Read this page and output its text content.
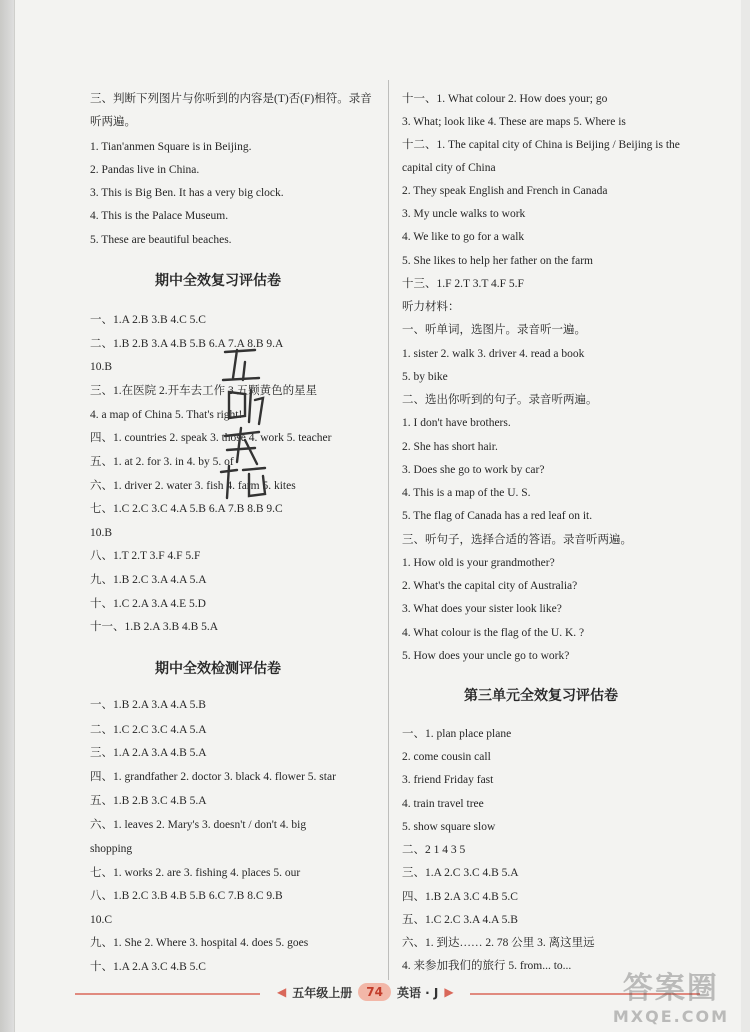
三、判断下列图片与你听到的内容是(T)否(F)相符。录音
听两遍。
1. Tian'anmen Square is in Beijing.
2. Pandas live in China.
3. This is Big Ben. It has a very big clock.
4. This is the Palace Museum.
5. These are beautiful beaches.
期中全效复习评估卷
一、1.A 2.B 3.B 4.C 5.C
二、1.B 2.B 3.A 4.B 5.B 6.A 7.A 8.B 9.A
10.B
三、1.在医院 2.开车去工作 3.五颗黄色的星星
4. a map of China 5. That's right!
四、1. countries 2. speak 3. those 4. work 5. teacher
五、1. at 2. for 3. in 4. by 5. of
六、1. driver 2. water 3. fish 4. farm 5. kites
七、1.C 2.C 3.C 4.A 5.B 6.A 7.B 8.B 9.C
10.B
八、1.T 2.T 3.F 4.F 5.F
九、1.B 2.C 3.A 4.A 5.A
十、1.C 2.A 3.A 4.E 5.D
十一、1.B 2.A 3.B 4.B 5.A
期中全效检测评估卷
一、1.B 2.A 3.A 4.A 5.B
二、1.C 2.C 3.C 4.A 5.A
三、1.A 2.A 3.A 4.B 5.A
四、1. grandfather 2. doctor 3. black 4. flower 5. star
五、1.B 2.B 3.C 4.B 5.A
六、1. leaves 2. Mary's 3. doesn't / don't 4. big
shopping
七、1. works 2. are 3. fishing 4. places 5. our
八、1.B 2.C 3.B 4.B 5.B 6.C 7.B 8.C 9.B
10.C
九、1. She 2. Where 3. hospital 4. does 5. goes
十、1.A 2.A 3.C 4.B 5.C
十一、1. What colour 2. How does your; go
3. What; look like 4. These are maps 5. Where is
十二、1. The capital city of China is Beijing / Beijing is the
capital city of China
2. They speak English and French in Canada
3. My uncle walks to work
4. We like to go for a walk
5. She likes to help her father on the farm
十三、1.F 2.T 3.T 4.F 5.F
听力材料：
一、听单词，选图片。录音听一遍。
1. sister 2. walk 3. driver 4. read a book
5. by bike
二、选出你听到的句子。录音听两遍。
1. I don't have brothers.
2. She has short hair.
3. Does she go to work by car?
4. This is a map of the U. S.
5. The flag of Canada has a red leaf on it.
三、听句子，选择合适的答语。录音听两遍。
1. How old is your grandmother?
2. What's the capital city of Australia?
3. What does your sister look like?
4. What colour is the flag of the U. K. ?
5. How does your uncle go to work?
第三单元全效复习评估卷
一、1. plan place plane
2. come cousin call
3. friend Friday fast
4. train travel tree
5. show square slow
二、2 1 4 3 5
三、1.A 2.C 3.C 4.B 5.A
四、1.B 2.A 3.C 4.B 5.C
五、1.C 2.C 3.A 4.A 5.B
六、1. 到达…… 2. 78 公里 3. 离这里远
4. 来参加我们的旅行 5. from... to...
◀ 五年级上册	74	英语 · J ▶	答案圈
MXQE.COM
